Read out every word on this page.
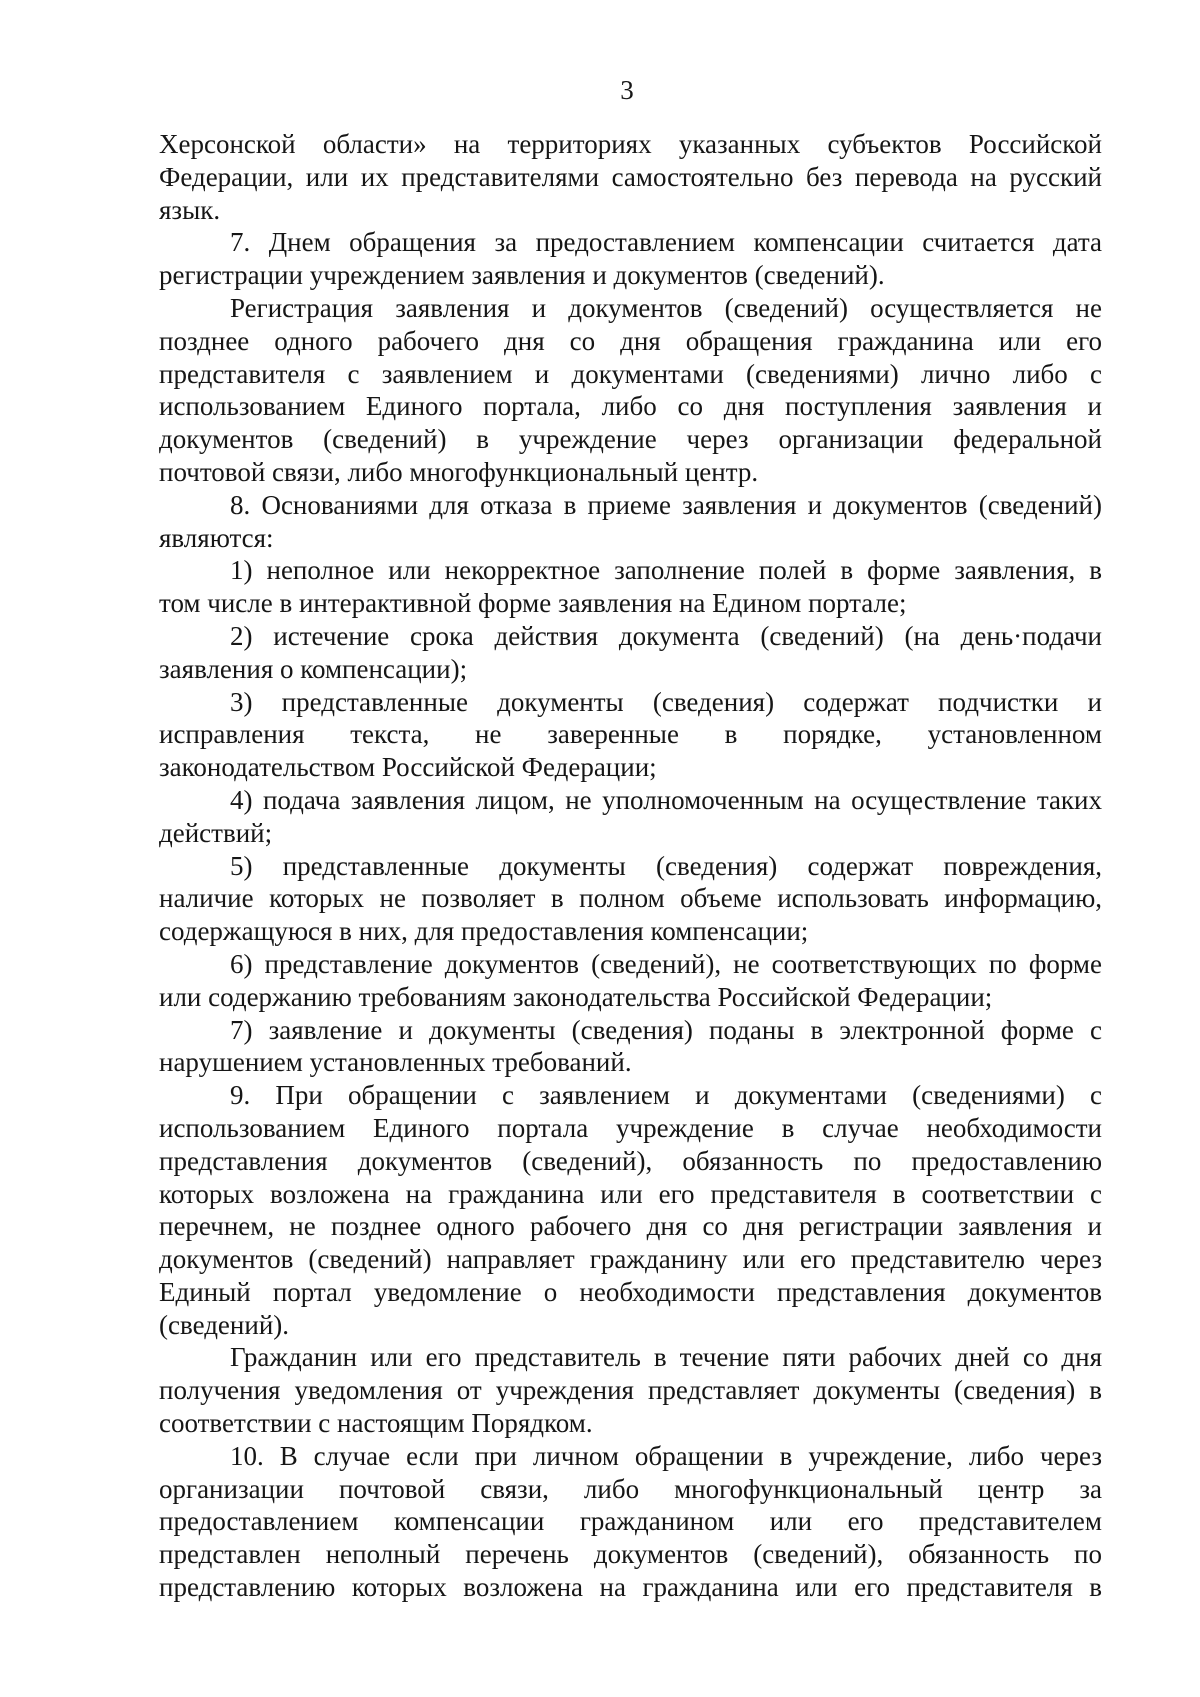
3
Херсонской области» на территориях указанных субъектов Российской
Федерации, или их представителями самостоятельно без перевода на русский
язык.
7. Днем обращения за предоставлением компенсации считается дата
регистрации учреждением заявления и документов (сведений).
Регистрация заявления и документов (сведений) осуществляется не
позднее одного рабочего дня со дня обращения гражданина или его
представителя с заявлением и документами (сведениями) лично либо с
использованием Единого портала, либо со дня поступления заявления и
документов (сведений) в учреждение через организации федеральной
почтовой связи, либо многофункциональный центр.
8. Основаниями для отказа в приеме заявления и документов (сведений)
являются:
1) неполное или некорректное заполнение полей в форме заявления, в
том числе в интерактивной форме заявления на Едином портале;
2) истечение срока действия документа (сведений) (на день·подачи
заявления о компенсации);
3) представленные документы (сведения) содержат подчистки и
исправления текста, не заверенные в порядке, установленном
законодательством Российской Федерации;
4) подача заявления лицом, не уполномоченным на осуществление таких
действий;
5) представленные документы (сведения) содержат повреждения,
наличие которых не позволяет в полном объеме использовать информацию,
содержащуюся в них, для предоставления компенсации;
6) представление документов (сведений), не соответствующих по форме
или содержанию требованиям законодательства Российской Федерации;
7) заявление и документы (сведения) поданы в электронной форме с
нарушением установленных требований.
9. При обращении с заявлением и документами (сведениями) с
использованием Единого портала учреждение в случае необходимости
представления документов (сведений), обязанность по предоставлению
которых возложена на гражданина или его представителя в соответствии с
перечнем, не позднее одного рабочего дня со дня регистрации заявления и
документов (сведений) направляет гражданину или его представителю через
Единый портал уведомление о необходимости представления документов
(сведений).
Гражданин или его представитель в течение пяти рабочих дней со дня
получения уведомления от учреждения представляет документы (сведения) в
соответствии с настоящим Порядком.
10. В случае если при личном обращении в учреждение, либо через
организации почтовой связи, либо многофункциональный центр за
предоставлением компенсации гражданином или его представителем
представлен неполный перечень документов (сведений), обязанность по
представлению которых возложена на гражданина или его представителя в
